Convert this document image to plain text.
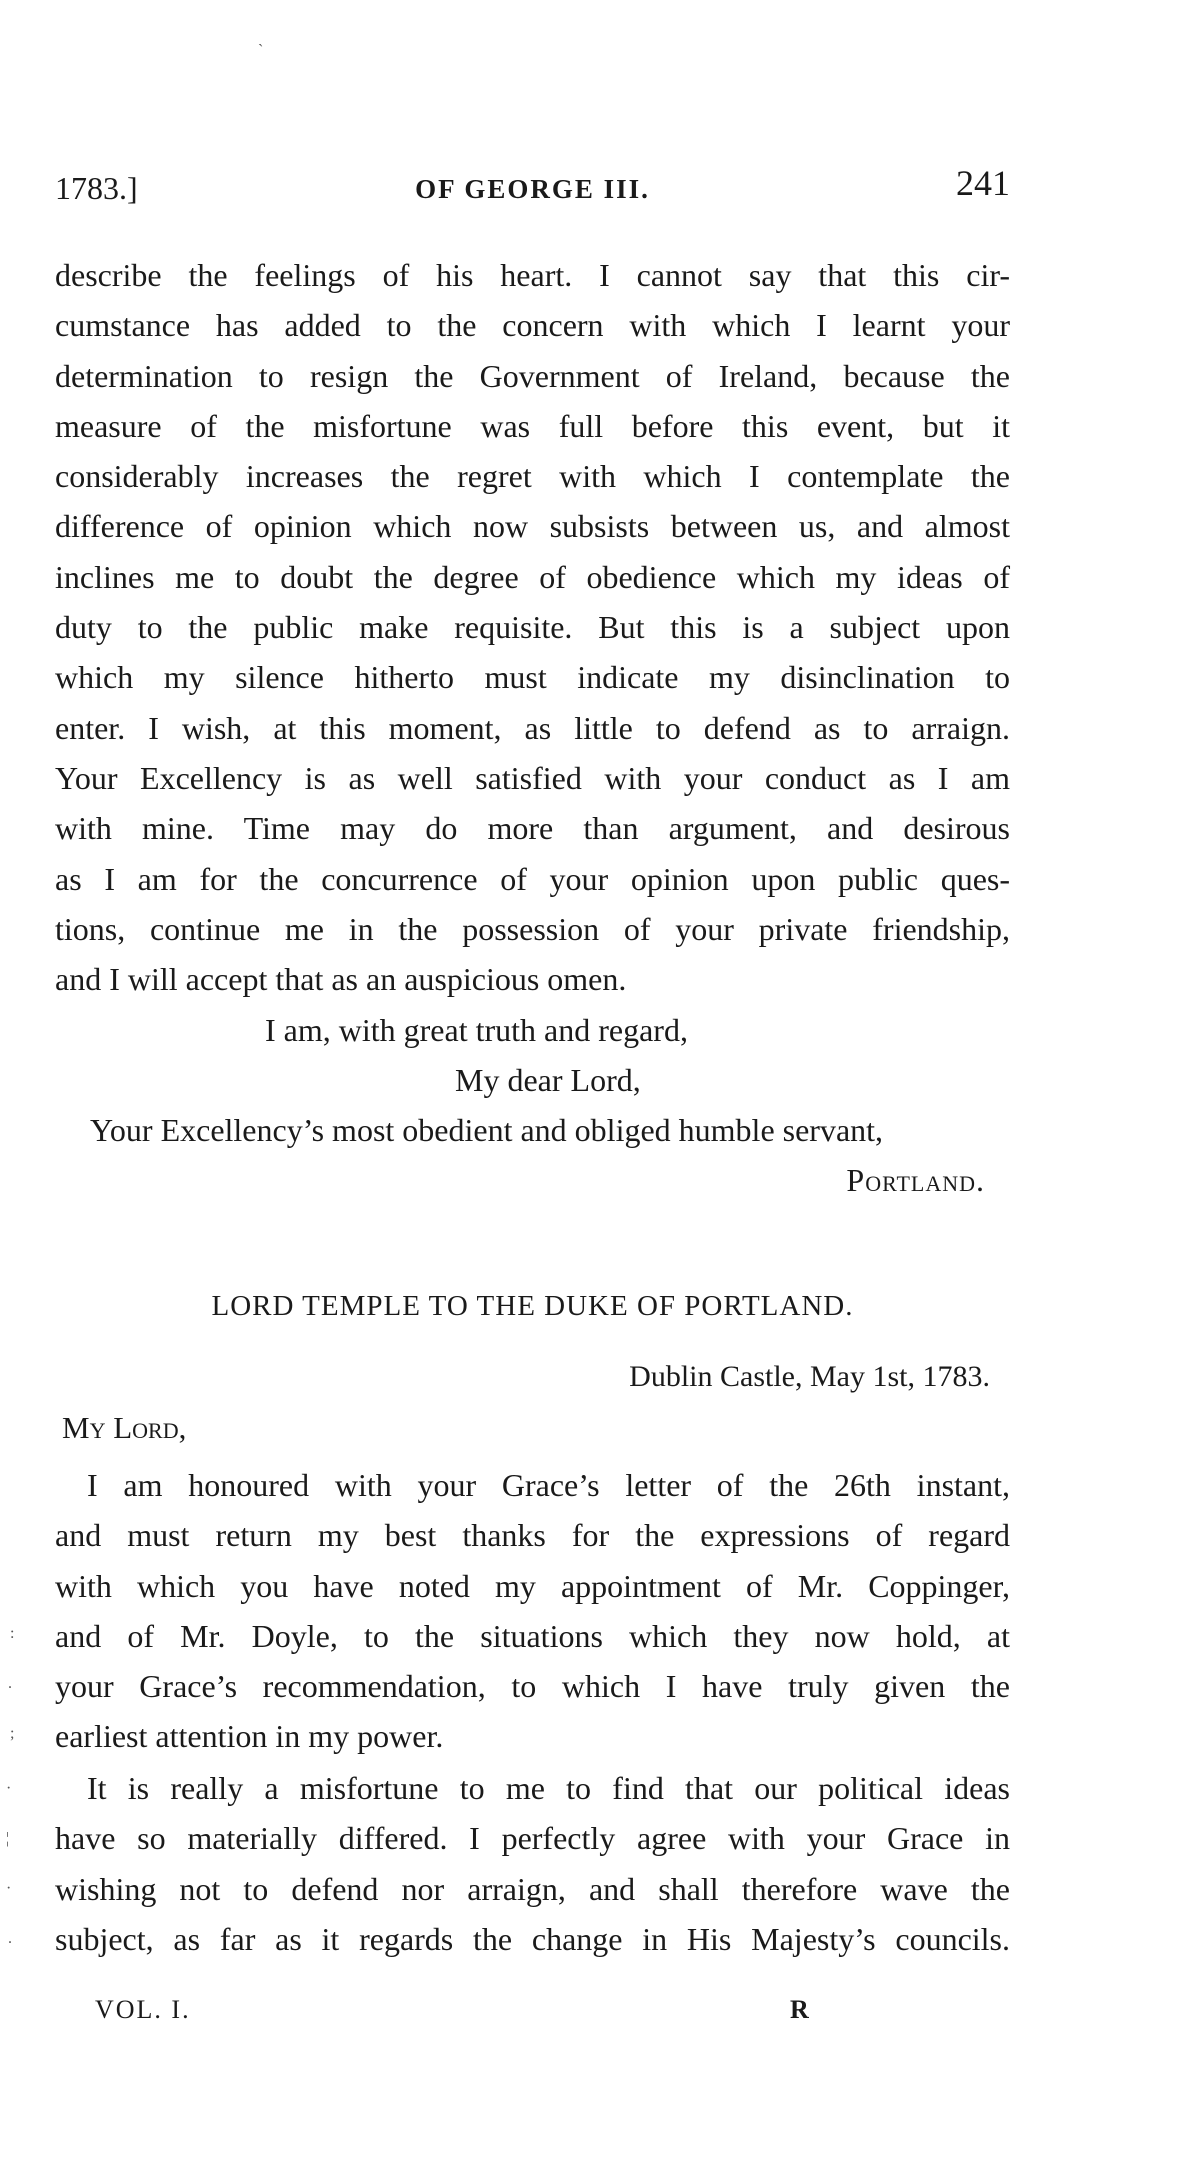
`
1783.]	OF GEORGE III.	241
describe the feelings of his heart. I cannot say that this cir-
cumstance has added to the concern with which I learnt your
determination to resign the Government of Ireland, because the
measure of the misfortune was full before this event, but it
considerably increases the regret with which I contemplate the
difference of opinion which now subsists between us, and almost
inclines me to doubt the degree of obedience which my ideas of
duty to the public make requisite. But this is a subject upon
which my silence hitherto must indicate my disinclination to
enter. I wish, at this moment, as little to defend as to arraign.
Your Excellency is as well satisfied with your conduct as I am
with mine. Time may do more than argument, and desirous
as I am for the concurrence of your opinion upon public ques-
tions, continue me in the possession of your private friendship,
and I will accept that as an auspicious omen.
I am, with great truth and regard,
My dear Lord,
Your Excellency’s most obedient and obliged humble servant,
Portland.
LORD TEMPLE TO THE DUKE OF PORTLAND.
Dublin Castle, May 1st, 1783.
My Lord,
I am honoured with your Grace’s letter of the 26th instant,
and must return my best thanks for the expressions of regard
with which you have noted my appointment of Mr. Coppinger,
and of Mr. Doyle, to the situations which they now hold, at
your Grace’s recommendation, to which I have truly given the
earliest attention in my power.
It is really a misfortune to me to find that our political ideas
have so materially differed. I perfectly agree with your Grace in
wishing not to defend nor arraign, and shall therefore wave the
subject, as far as it regards the change in His Majesty’s councils.
:
.
;
·
¦
·
.
VOL. I.	R
